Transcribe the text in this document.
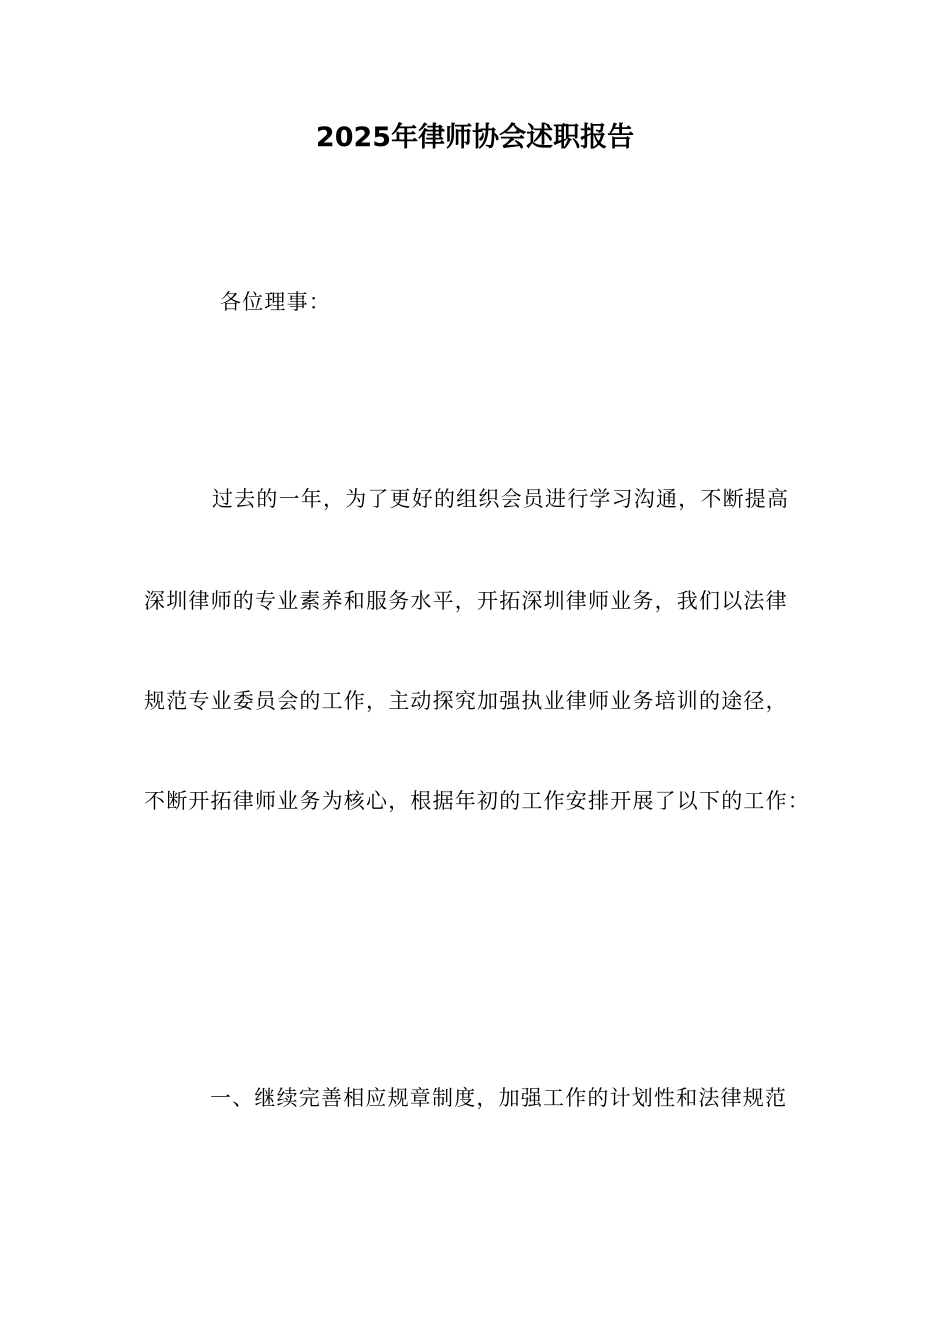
2025年律师协会述职报告
各位理事：
过去的一年，为了更好的组织会员进行学习沟通，不断提高
深圳律师的专业素养和服务水平，开拓深圳律师业务，我们以法律
规范专业委员会的工作，主动探究加强执业律师业务培训的途径，
不断开拓律师业务为核心，根据年初的工作安排开展了以下的工作：
一、继续完善相应规章制度，加强工作的计划性和法律规范
